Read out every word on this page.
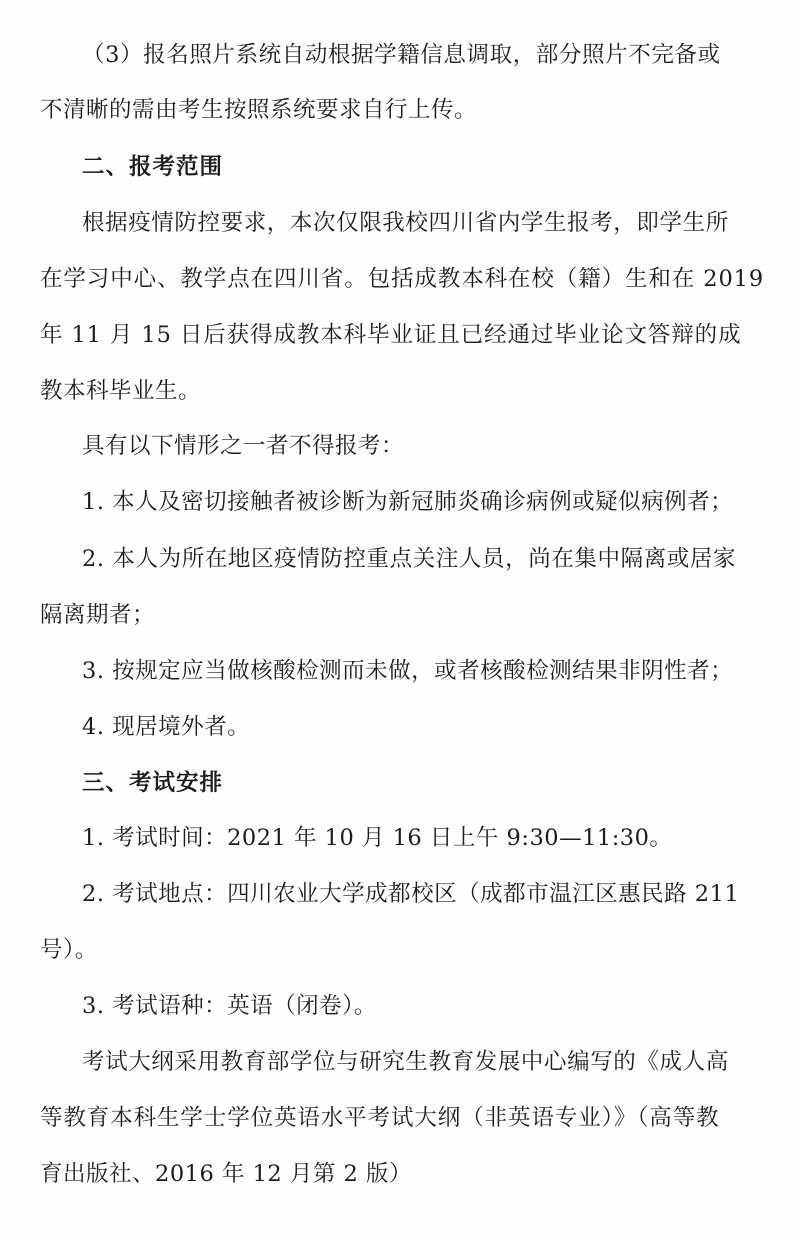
（3）报名照片系统自动根据学籍信息调取，部分照片不完备或
不清晰的需由考生按照系统要求自行上传。
二、报考范围
根据疫情防控要求，本次仅限我校四川省内学生报考，即学生所
在学习中心、教学点在四川省。包括成教本科在校（籍）生和在 2019
年 11 月 15 日后获得成教本科毕业证且已经通过毕业论文答辩的成
教本科毕业生。
具有以下情形之一者不得报考：
1. 本人及密切接触者被诊断为新冠肺炎确诊病例或疑似病例者；
2. 本人为所在地区疫情防控重点关注人员，尚在集中隔离或居家
隔离期者；
3. 按规定应当做核酸检测而未做，或者核酸检测结果非阴性者；
4. 现居境外者。
三、考试安排
1. 考试时间：2021 年 10 月 16 日上午 9:30—11:30。
2. 考试地点：四川农业大学成都校区（成都市温江区惠民路 211
号）。
3. 考试语种：英语（闭卷）。
考试大纲采用教育部学位与研究生教育发展中心编写的《成人高
等教育本科生学士学位英语水平考试大纲（非英语专业）》（高等教
育出版社、2016 年 12 月第 2 版）
